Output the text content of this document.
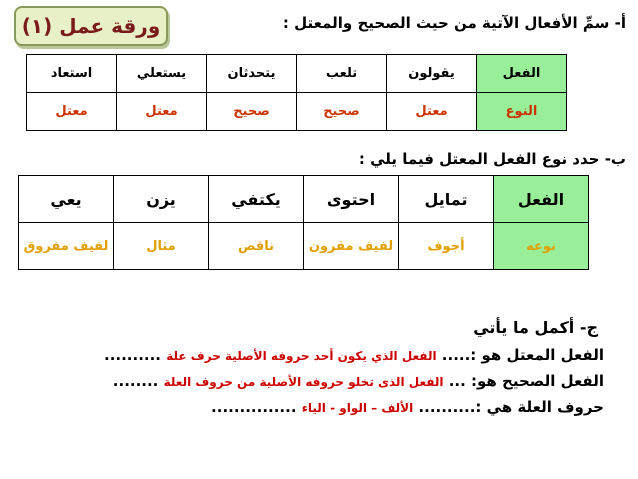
ورقة عمل (١)	أ- سمِّ الأفعال الآتية من حيث الصحيح والمعتل :
الفعل	يقولون	تلعب	يتحدثان	يستعلي	استعاد
النوع	معتل	صحيح	صحيح	معتل	معتل
ب- حدد نوع الفعل المعتل فيما يلي :
الفعل	تمايل	احتوى	يكتفي	يزن	يعي
نوعه	أجوف	لفيف مقرون	ناقص	مثال	لفيف مفروق
ج- أكمل ما يأتي
الفعل المعتل هو :..... الفعل الذي يكون أحد حروفه الأصلية حرف علة ..........
الفعل الصحيح هو: ... الفعل الذى تخلو حروفه الأصلية من حروف العلة ........
حروف العلة هي :.......... الألف – الواو - الياء ...............
